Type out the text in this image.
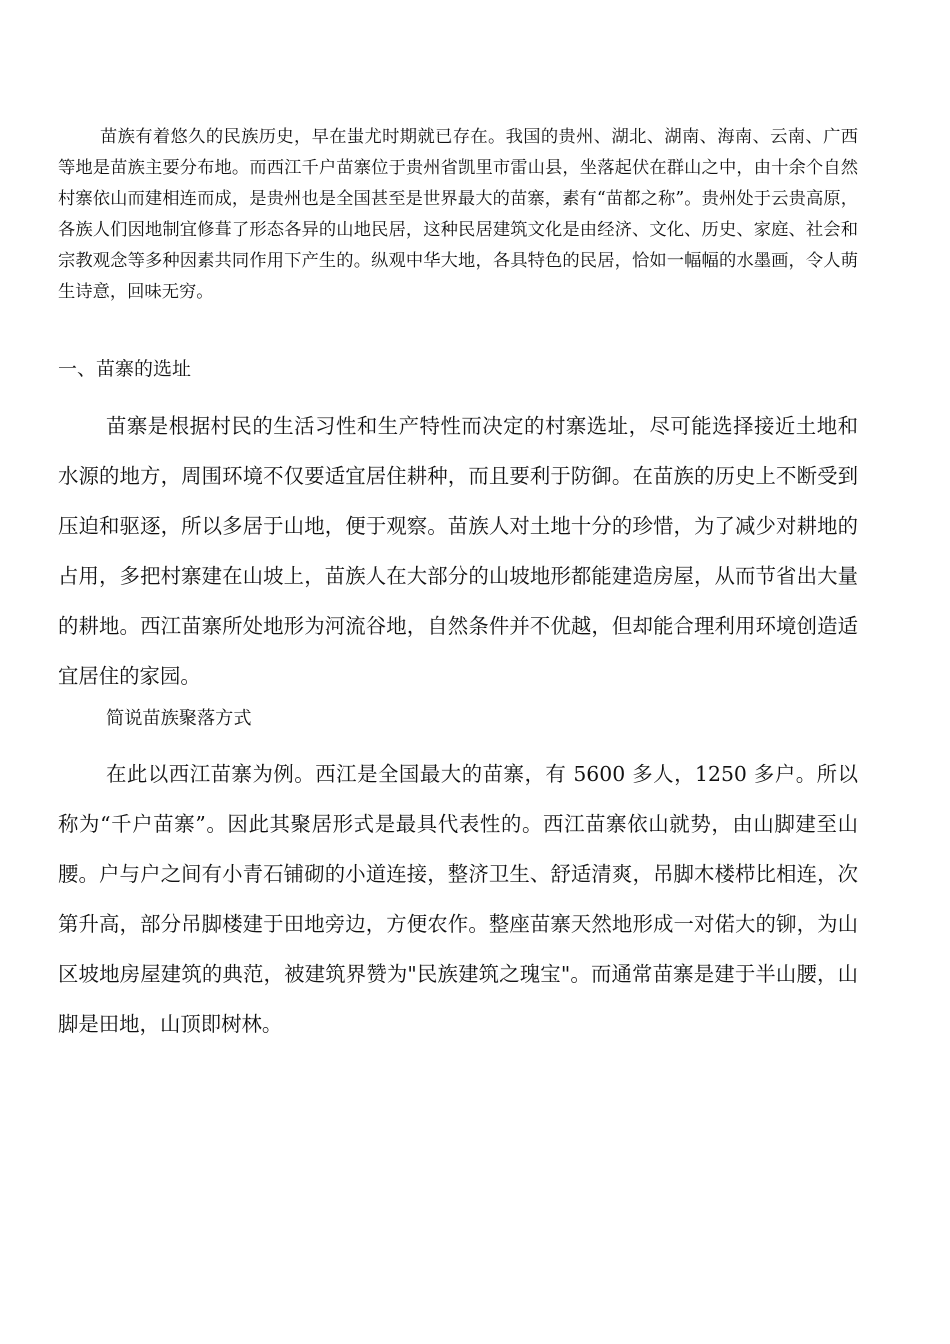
苗族有着悠久的民族历史，早在蚩尤时期就已存在。我国的贵州、湖北、湖南、海南、云南、广西等地是苗族主要分布地。而西江千户苗寨位于贵州省凯里市雷山县，坐落起伏在群山之中，由十余个自然村寨依山而建相连而成，是贵州也是全国甚至是世界最大的苗寨，素有“苗都之称”。贵州处于云贵高原，各族人们因地制宜修葺了形态各异的山地民居，这种民居建筑文化是由经济、文化、历史、家庭、社会和宗教观念等多种因素共同作用下产生的。纵观中华大地，各具特色的民居，恰如一幅幅的水墨画，令人萌生诗意，回味无穷。

一、苗寨的选址

苗寨是根据村民的生活习性和生产特性而决定的村寨选址，尽可能选择接近土地和水源的地方，周围环境不仅要适宜居住耕种，而且要利于防御。在苗族的历史上不断受到压迫和驱逐，所以多居于山地，便于观察。苗族人对土地十分的珍惜，为了减少对耕地的占用，多把村寨建在山坡上，苗族人在大部分的山坡地形都能建造房屋，从而节省出大量的耕地。西江苗寨所处地形为河流谷地，自然条件并不优越，但却能合理利用环境创造适宜居住的家园。

简说苗族聚落方式

在此以西江苗寨为例。西江是全国最大的苗寨，有 5600 多人，1250 多户。所以称为“千户苗寨”。因此其聚居形式是最具代表性的。西江苗寨依山就势，由山脚建至山腰。户与户之间有小青石铺砌的小道连接，整济卫生、舒适清爽，吊脚木楼栉比相连，次第升高，部分吊脚楼建于田地旁边，方便农作。整座苗寨天然地形成一对偌大的铆，为山区坡地房屋建筑的典范，被建筑界赞为"民族建筑之瑰宝"。而通常苗寨是建于半山腰，山脚是田地，山顶即树林。
